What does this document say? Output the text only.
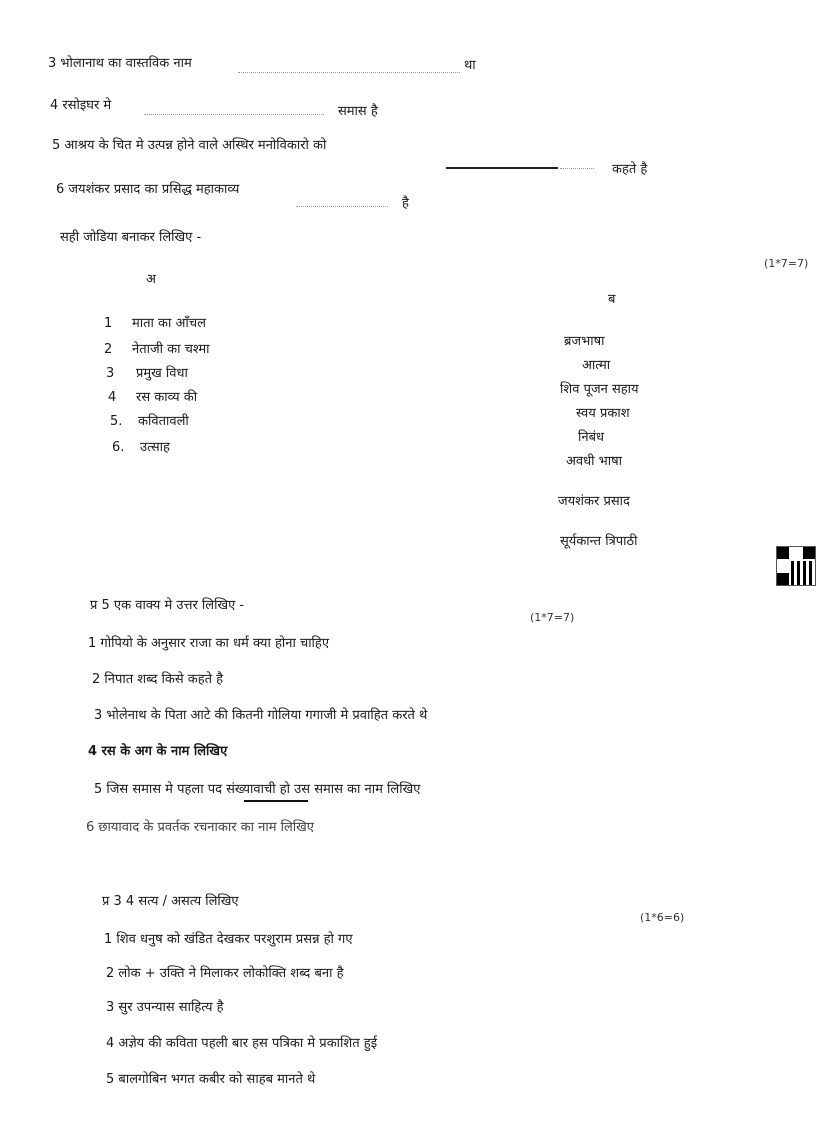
3 भोलानाथ का वास्तविक नाम	था
4 रसोइघर मे	समास है
5 आश्रय के चित मे उत्पन्न होने वाले अस्थिर मनोविकारो को
कहते है
6 जयशंकर प्रसाद का प्रसिद्ध महाकाव्य
है
सही जोडिया बनाकर लिखिए -
(1*7=7)
अ
ब
1 माता का आँचल
2 नेताजी का चश्मा
3 प्रमुख विधा
4 रस काव्य की
5. कवितावली
6. उत्साह
ब्रजभाषा
आत्मा
शिव पूजन सहाय
स्वय प्रकाश
निबंध
अवधी भाषा
जयशंकर प्रसाद
सूर्यकान्त त्रिपाठी
प्र 5 एक वाक्य मे उत्तर लिखिए -
(1*7=7)
1 गोपियो के अनुसार राजा का धर्म क्या होना चाहिए
2 निपात शब्द किसे कहते है
3 भोलेनाथ के पिता आटे की कितनी गोलिया गगाजी मे प्रवाहित करते थे
4 रस के अग के नाम लिखिए
5 जिस समास मे पहला पद संख्यावाची हो उस समास का नाम लिखिए
6 छायावाद के प्रवर्तक रचनाकार का नाम लिखिए
प्र 3 4 सत्य / असत्य लिखिए
(1*6=6)
1 शिव धनुष को खंडित देखकर परशुराम प्रसन्न हो गए
2 लोक + उक्ति ने मिलाकर लोकोक्ति शब्द बना है
3 सुर उपन्यास साहित्य है
4 अज्ञेय की कविता पहली बार हस पत्रिका मे प्रकाशित हुई
5 बालगोबिन भगत कबीर को साहब मानते थे
